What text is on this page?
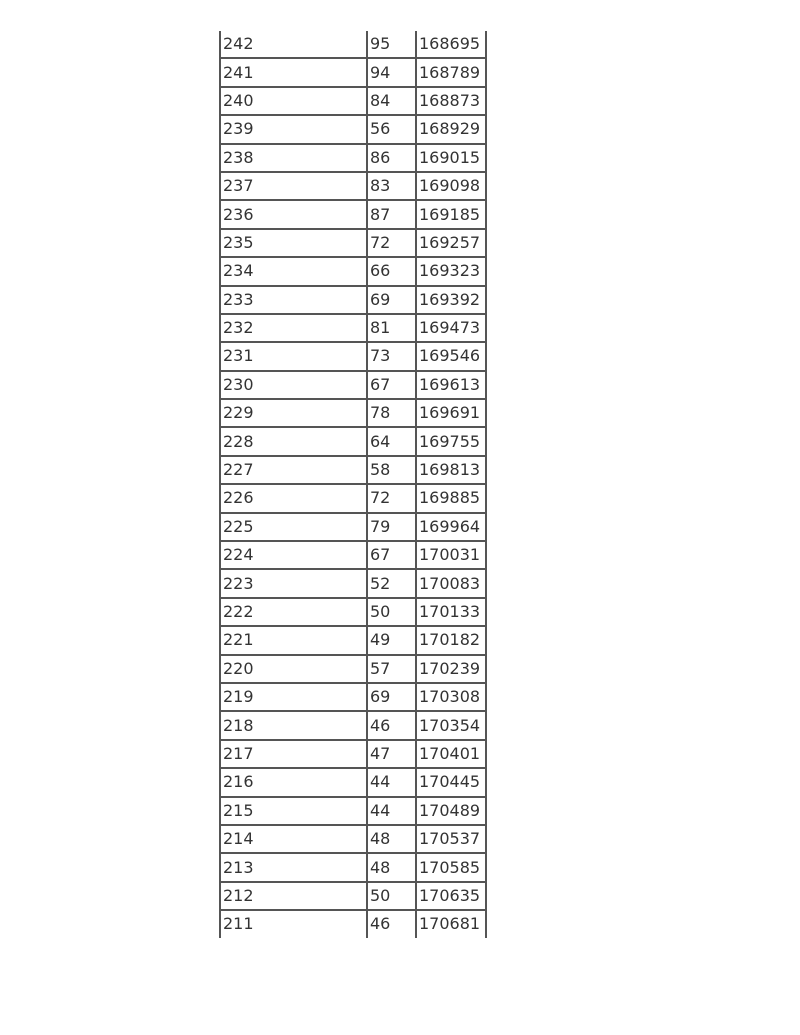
242	95	168695
241	94	168789
240	84	168873
239	56	168929
238	86	169015
237	83	169098
236	87	169185
235	72	169257
234	66	169323
233	69	169392
232	81	169473
231	73	169546
230	67	169613
229	78	169691
228	64	169755
227	58	169813
226	72	169885
225	79	169964
224	67	170031
223	52	170083
222	50	170133
221	49	170182
220	57	170239
219	69	170308
218	46	170354
217	47	170401
216	44	170445
215	44	170489
214	48	170537
213	48	170585
212	50	170635
211	46	170681
